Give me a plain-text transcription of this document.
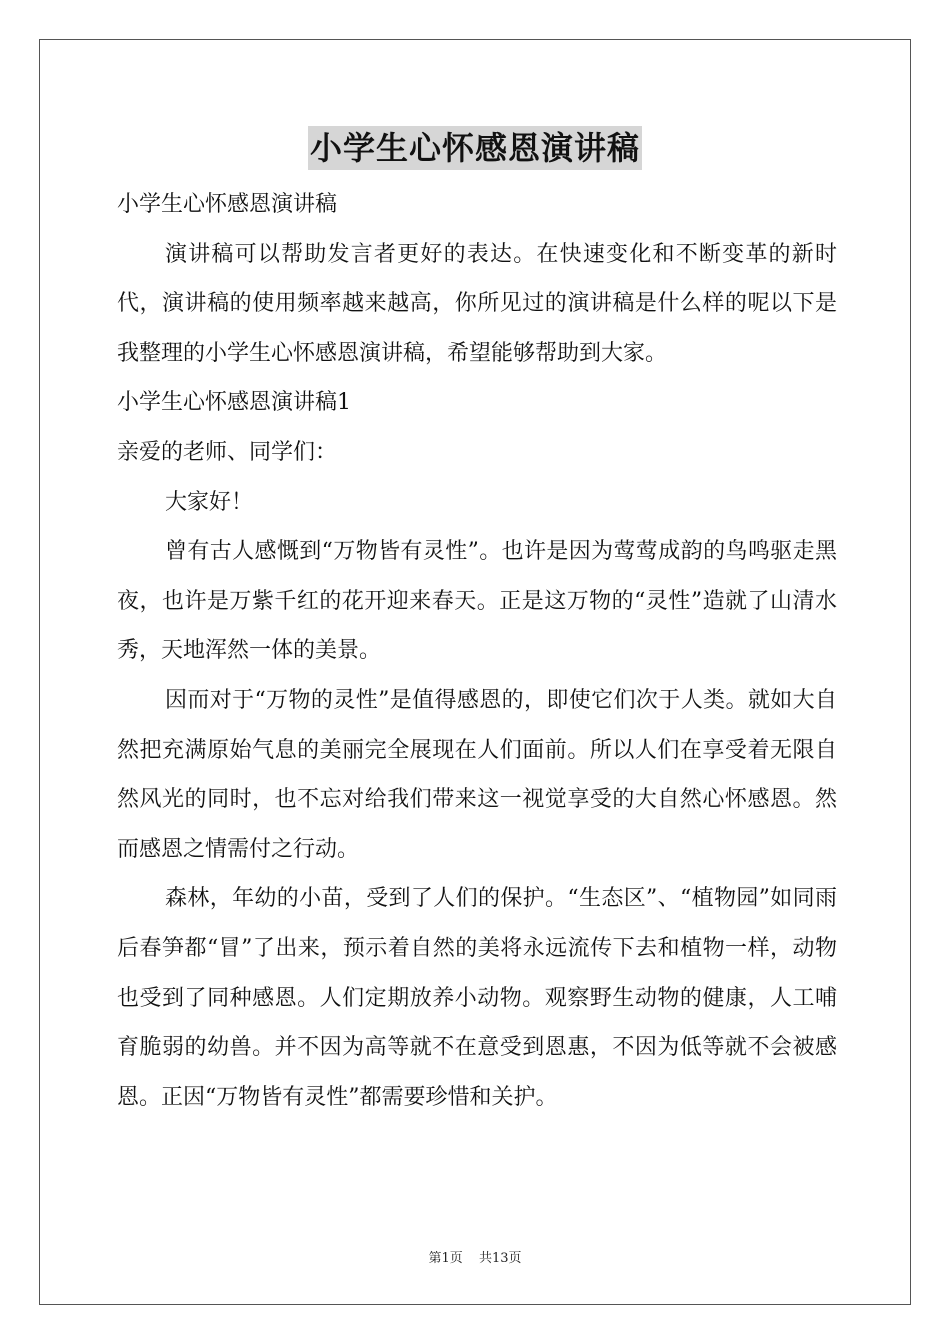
小学生心怀感恩演讲稿

小学生心怀感恩演讲稿

演讲稿可以帮助发言者更好的表达。在快速变化和不断变革的新时代，演讲稿的使用频率越来越高，你所见过的演讲稿是什么样的呢以下是我整理的小学生心怀感恩演讲稿，希望能够帮助到大家。

小学生心怀感恩演讲稿1

亲爱的老师、同学们：

大家好！

曾有古人感慨到“万物皆有灵性”。也许是因为莺莺成韵的鸟鸣驱走黑夜，也许是万紫千红的花开迎来春天。正是这万物的“灵性”造就了山清水秀，天地浑然一体的美景。

因而对于“万物的灵性”是值得感恩的，即使它们次于人类。就如大自然把充满原始气息的美丽完全展现在人们面前。所以人们在享受着无限自然风光的同时，也不忘对给我们带来这一视觉享受的大自然心怀感恩。然而感恩之情需付之行动。

森林，年幼的小苗，受到了人们的保护。“生态区”、“植物园”如同雨后春笋都“冒”了出来，预示着自然的美将永远流传下去和植物一样，动物也受到了同种感恩。人们定期放养小动物。观察野生动物的健康，人工哺育脆弱的幼兽。并不因为高等就不在意受到恩惠，不因为低等就不会被感恩。正因“万物皆有灵性”都需要珍惜和关护。

第1页 共13页
